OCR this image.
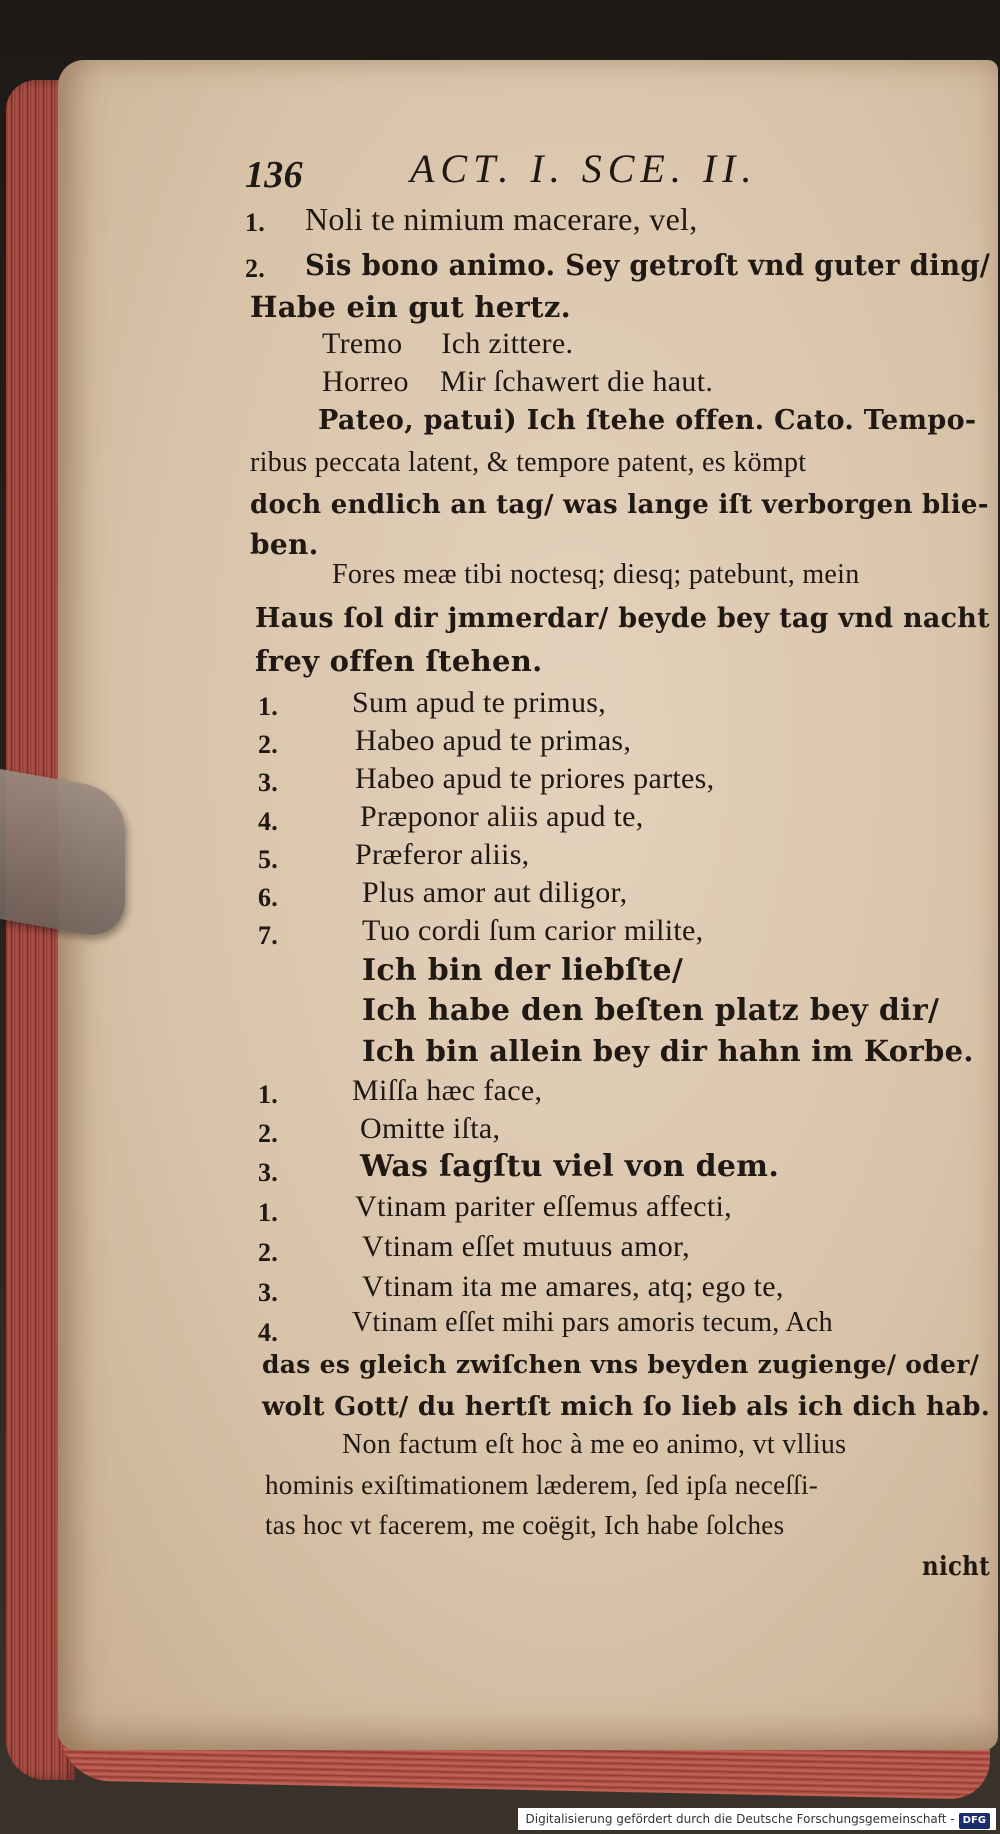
136	ACT. I. SCE. II.
1. Noli te nimium macerare, vel,
2. Sis bono animo. Sey getroſt vnd guter ding/
Habe ein gut hertz.
Tremo     Ich zittere.
Horreo    Mir ſchawert die haut.
Pateo, patui) Ich ſtehe offen. Cato. Tempo-
ribus peccata latent, & tempore patent, es kömpt
doch endlich an tag/ was lange iſt verborgen blie-
ben.
Fores meæ tibi noctesq; diesq; patebunt, mein
Haus ſol dir jmmerdar/ beyde bey tag vnd nacht
frey offen ſtehen.
1. Sum apud te primus,
2.	Habeo apud te primas,
3.	Habeo apud te priores partes,
4.	Præponor aliis apud te,
5.	Præferor aliis,
6.	Plus amor aut diligor,
7.	Tuo cordi ſum carior milite,
Ich bin der liebſte/
Ich habe den beſten platz bey dir/
Ich bin allein bey dir hahn im Korbe.
1. Miſſa hæc face,
2.	Omitte iſta,
3.	Was ſagſtu viel von dem.
1.	Vtinam pariter eſſemus affecti,
2.	Vtinam eſſet mutuus amor,
3.	Vtinam ita me amares, atq; ego te,
4.	Vtinam eſſet mihi pars amoris tecum, Ach
das es gleich zwiſchen vns beyden zugienge/ oder/
wolt Gott/ du hertſt mich ſo lieb als ich dich hab.
Non factum eſt hoc à me eo animo, vt vllius
hominis exiſtimationem læderem, ſed ipſa neceſſi-
tas hoc vt facerem, me coëgit, Ich habe ſolches
nicht
Digitalisierung gefördert durch die Deutsche Forschungsgemeinschaft - DFG
